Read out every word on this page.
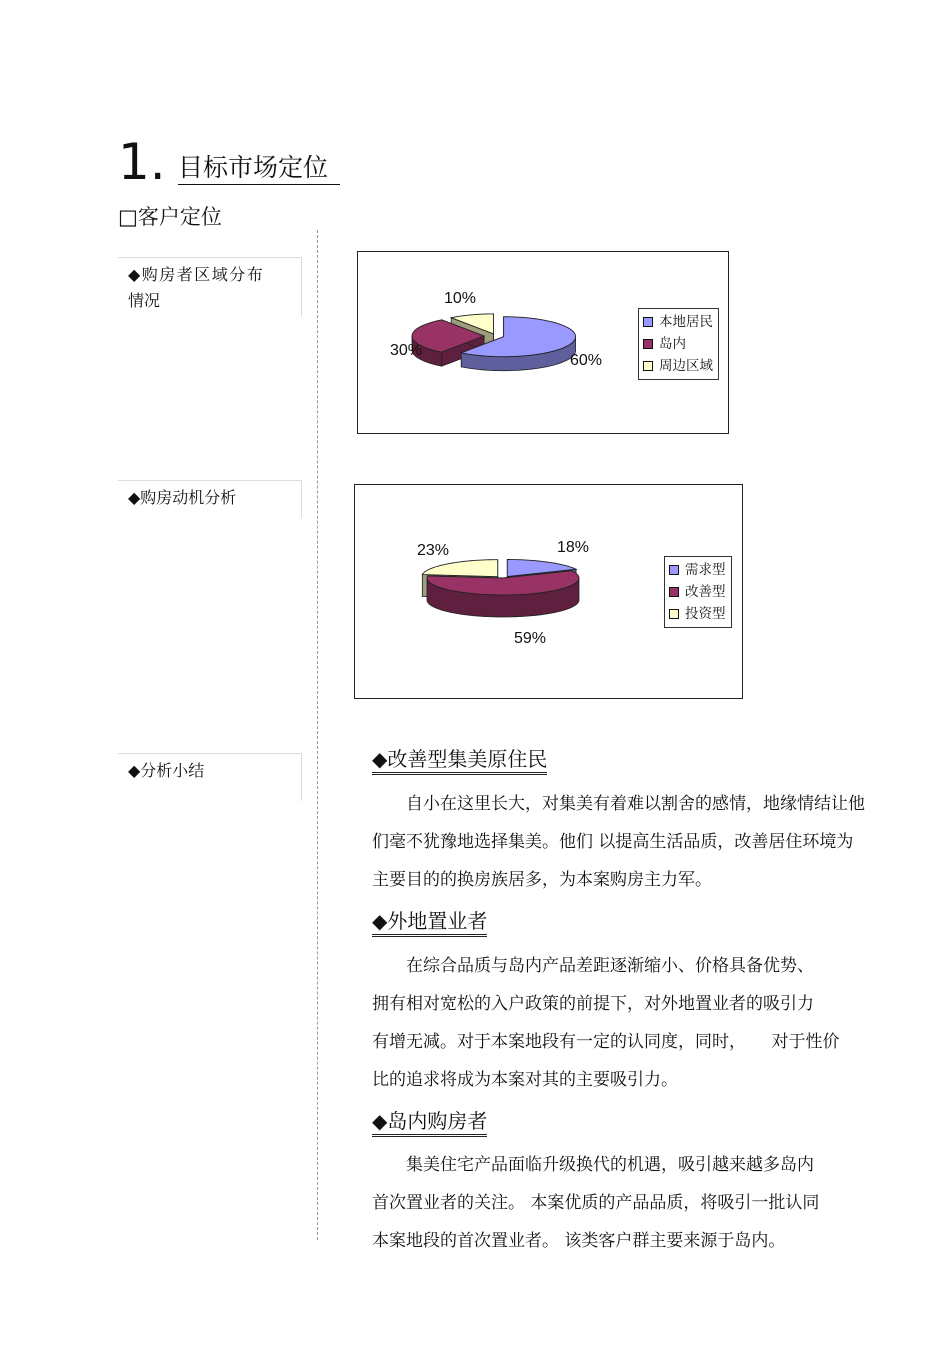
1. 目标市场定位
□客户定位
◆购房者区域分布
情况
◆购房动机分析
◆分析小结
10%
30%
60%
本地居民
岛内
周边区域
18%
23%
59%
需求型
改善型
投资型
◆改善型集美原住民
　　自小在这里长大，对集美有着难以割舍的感情，地缘情结让他
们毫不犹豫地选择集美。他们 以提高生活品质，改善居住环境为
主要目的的换房族居多，为本案购房主力军。
◆外地置业者
　　在综合品质与岛内产品差距逐渐缩小、价格具备优势、
拥有相对宽松的入户政策的前提下，对外地置业者的吸引力
有增无减。对于本案地段有一定的认同度，同时，　　对于性价
比的追求将成为本案对其的主要吸引力。
◆岛内购房者
　　集美住宅产品面临升级换代的机遇，吸引越来越多岛内
首次置业者的关注。 本案优质的产品品质，将吸引一批认同
本案地段的首次置业者。 该类客户群主要来源于岛内。
